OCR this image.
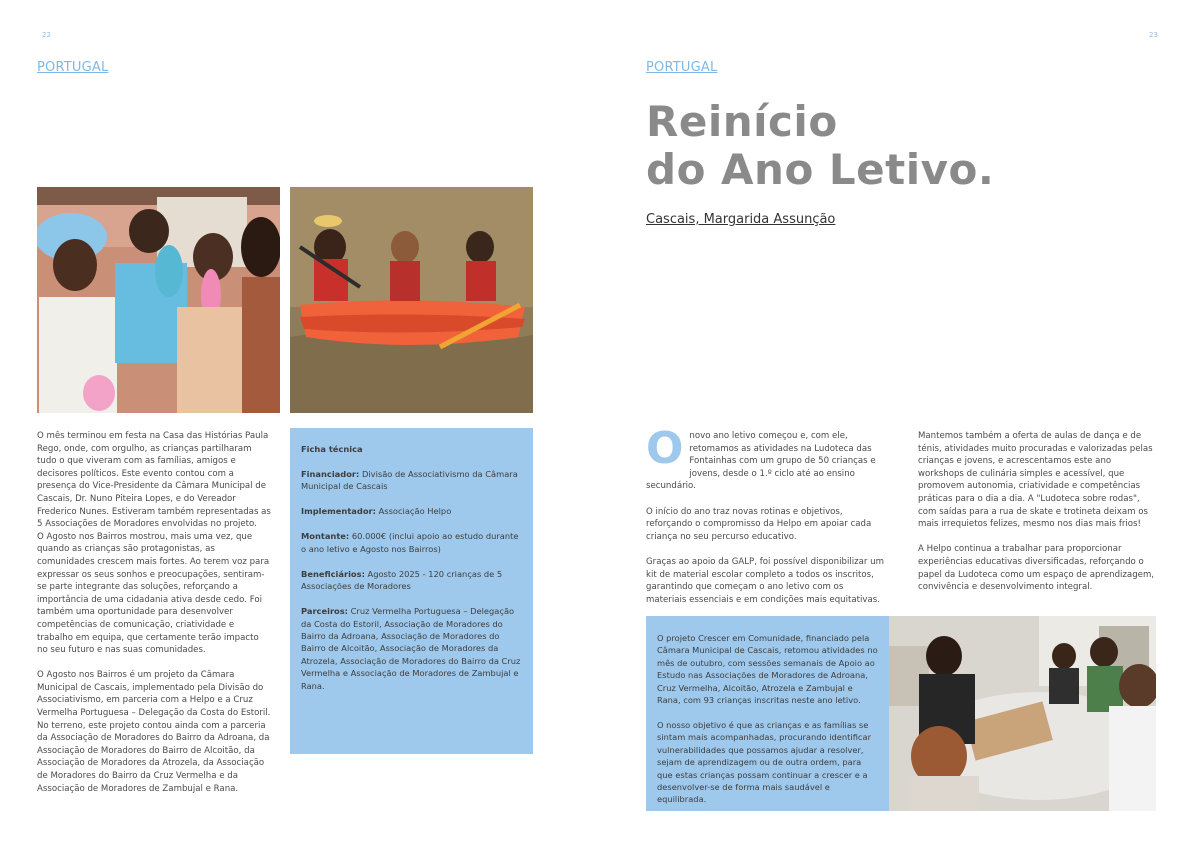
22
PORTUGAL

O mês terminou em festa na Casa das Histórias Paula Rego, onde, com orgulho, as crianças partilharam tudo o que viveram com as famílias, amigos e decisores políticos. Este evento contou com a presença do Vice-Presidente da Câmara Municipal de Cascais, Dr. Nuno Piteira Lopes, e do Vereador Frederico Nunes. Estiveram também representadas as 5 Associações de Moradores envolvidas no projeto.

O Agosto nos Bairros mostrou, mais uma vez, que quando as crianças são protagonistas, as comunidades crescem mais fortes. Ao terem voz para expressar os seus sonhos e preocupações, sentiram-se parte integrante das soluções, reforçando a importância de uma cidadania ativa desde cedo. Foi também uma oportunidade para desenvolver competências de comunicação, criatividade e trabalho em equipa, que certamente terão impacto no seu futuro e nas suas comunidades.

O Agosto nos Bairros é um projeto da Câmara Municipal de Cascais, implementado pela Divisão do Associativismo, em parceria com a Helpo e a Cruz Vermelha Portuguesa – Delegação da Costa do Estoril. No terreno, este projeto contou ainda com a parceria da Associação de Moradores do Bairro da Adroana, da Associação de Moradores do Bairro de Alcoitão, da Associação de Moradores da Atrozela, da Associação de Moradores do Bairro da Cruz Vermelha e da Associação de Moradores de Zambujal e Rana.

Ficha técnica

Financiador: Divisão de Associativismo da Câmara Municipal de Cascais

Implementador: Associação Helpo

Montante: 60.000€ (inclui apoio ao estudo durante o ano letivo e Agosto nos Bairros)

Beneficiários: Agosto 2025 - 120 crianças de 5 Associações de Moradores

Parceiros: Cruz Vermelha Portuguesa – Delegação da Costa do Estoril, Associação de Moradores do Bairro da Adroana, Associação de Moradores do Bairro de Alcoitão, Associação de Moradores da Atrozela, Associação de Moradores do Bairro da Cruz Vermelha e Associação de Moradores de Zambujal e Rana.

23
PORTUGAL
Reinício
do Ano Letivo.
Cascais, Margarida Assunção

Onovo ano letivo começou e, com ele, retomamos as atividades na Ludoteca das Fontainhas com um grupo de 50 crianças e jovens, desde o 1.º ciclo até ao ensino secundário.

O início do ano traz novas rotinas e objetivos, reforçando o compromisso da Helpo em apoiar cada criança no seu percurso educativo.

Graças ao apoio da GALP, foi possível disponibilizar um kit de material escolar completo a todos os inscritos, garantindo que começam o ano letivo com os materiais essenciais e em condições mais equitativas.

Mantemos também a oferta de aulas de dança e de ténis, atividades muito procuradas e valorizadas pelas crianças e jovens, e acrescentamos este ano workshops de culinária simples e acessível, que promovem autonomia, criatividade e competências práticas para o dia a dia. A "Ludoteca sobre rodas", com saídas para a rua de skate e trotineta deixam os mais irrequietos felizes, mesmo nos dias mais frios!

A Helpo continua a trabalhar para proporcionar experiências educativas diversificadas, reforçando o papel da Ludoteca como um espaço de aprendizagem, convivência e desenvolvimento integral.

O projeto Crescer em Comunidade, financiado pela Câmara Municipal de Cascais, retomou atividades no mês de outubro, com sessões semanais de Apoio ao Estudo nas Associações de Moradores de Adroana, Cruz Vermelha, Alcoitão, Atrozela e Zambujal e Rana, com 93 crianças inscritas neste ano letivo.

O nosso objetivo é que as crianças e as famílias se sintam mais acompanhadas, procurando identificar vulnerabilidades que possamos ajudar a resolver, sejam de aprendizagem ou de outra ordem, para que estas crianças possam continuar a crescer e a desenvolver-se de forma mais saudável e equilibrada.
